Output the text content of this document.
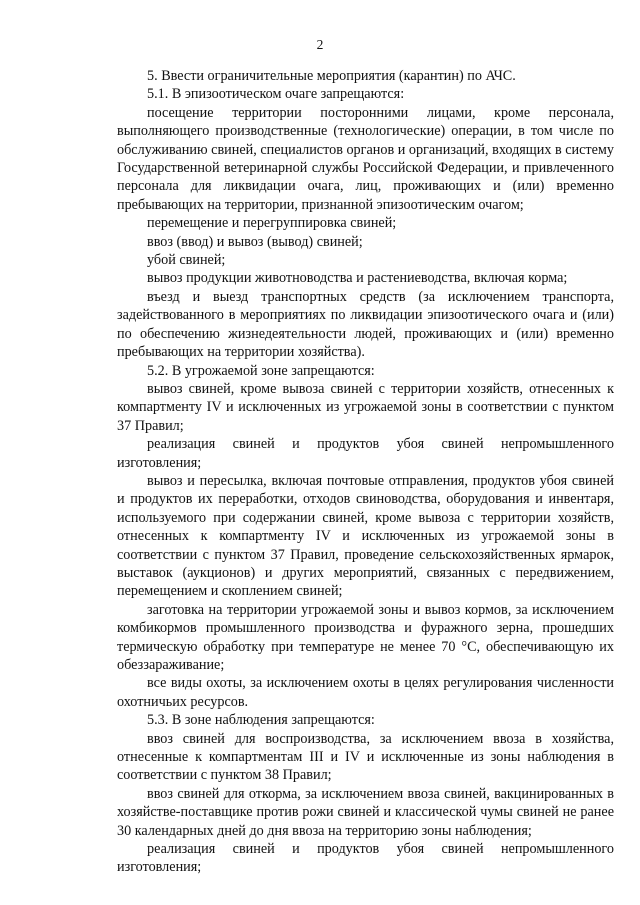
2

5. Ввести ограничительные мероприятия (карантин) по АЧС.

5.1. В эпизоотическом очаге запрещаются:

посещение территории посторонними лицами, кроме персонала, выполняющего производственные (технологические) операции, в том числе по обслуживанию свиней, специалистов органов и организаций, входящих в систему Государственной ветеринарной службы Российской Федерации, и привлеченного персонала для ликвидации очага, лиц, проживающих и (или) временно пребывающих на территории, признанной эпизоотическим очагом;

перемещение и перегруппировка свиней;

ввоз (ввод) и вывоз (вывод) свиней;

убой свиней;

вывоз продукции животноводства и растениеводства, включая корма;

въезд и выезд транспортных средств (за исключением транспорта, задействованного в мероприятиях по ликвидации эпизоотического очага и (или) по обеспечению жизнедеятельности людей, проживающих и (или) временно пребывающих на территории хозяйства).

5.2. В угрожаемой зоне запрещаются:

вывоз свиней, кроме вывоза свиней с территории хозяйств, отнесенных к компартменту IV и исключенных из угрожаемой зоны в соответствии с пунктом 37 Правил;

реализация свиней и продуктов убоя свиней непромышленного изготовления;

вывоз и пересылка, включая почтовые отправления, продуктов убоя свиней и продуктов их переработки, отходов свиноводства, оборудования и инвентаря, используемого при содержании свиней, кроме вывоза с территории хозяйств, отнесенных к компартменту IV и исключенных из угрожаемой зоны в соответствии с пунктом 37 Правил, проведение сельскохозяйственных ярмарок, выставок (аукционов) и других мероприятий, связанных с передвижением, перемещением и скоплением свиней;

заготовка на территории угрожаемой зоны и вывоз кормов, за исключением комбикормов промышленного производства и фуражного зерна, прошедших термическую обработку при температуре не менее 70 °С, обеспечивающую их обеззараживание;

все виды охоты, за исключением охоты в целях регулирования численности охотничьих ресурсов.

5.3. В зоне наблюдения запрещаются:

ввоз свиней для воспроизводства, за исключением ввоза в хозяйства, отнесенные к компартментам III и IV и исключенные из зоны наблюдения в соответствии с пунктом 38 Правил;

ввоз свиней для откорма, за исключением ввоза свиней, вакцинированных в хозяйстве-поставщике против рожи свиней и классической чумы свиней не ранее 30 календарных дней до дня ввоза на территорию зоны наблюдения;

реализация свиней и продуктов убоя свиней непромышленного изготовления;
